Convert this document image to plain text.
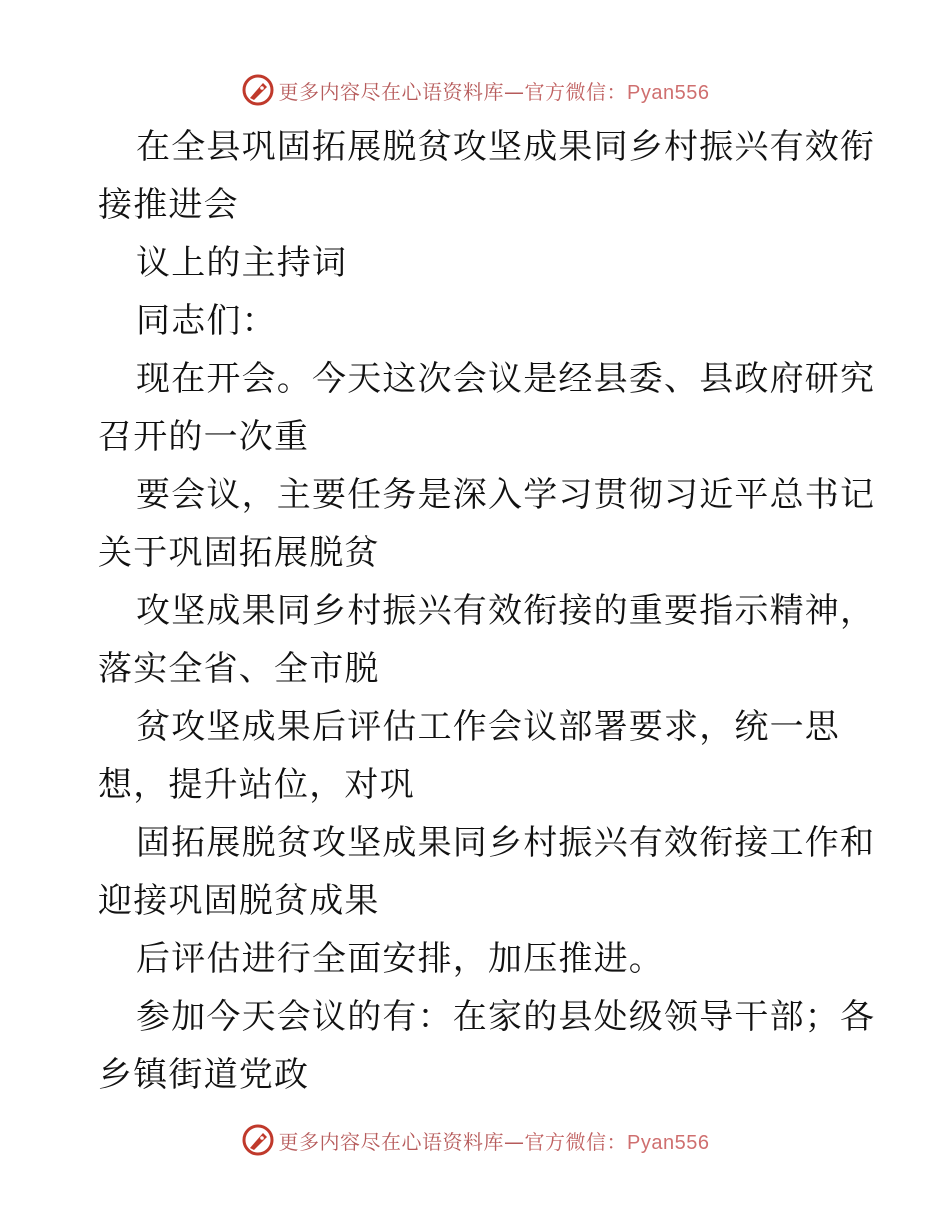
更多内容尽在心语资料库—官方微信：Pyan556
在全县巩固拓展脱贫攻坚成果同乡村振兴有效衔
接推进会
议上的主持词
同志们：
现在开会。今天这次会议是经县委、县政府研究
召开的一次重
要会议，主要任务是深入学习贯彻习近平总书记
关于巩固拓展脱贫
攻坚成果同乡村振兴有效衔接的重要指示精神，
落实全省、全市脱
贫攻坚成果后评估工作会议部署要求，统一思
想，提升站位，对巩
固拓展脱贫攻坚成果同乡村振兴有效衔接工作和
迎接巩固脱贫成果
后评估进行全面安排，加压推进。
参加今天会议的有：在家的县处级领导干部；各
乡镇街道党政
更多内容尽在心语资料库—官方微信：Pyan556
